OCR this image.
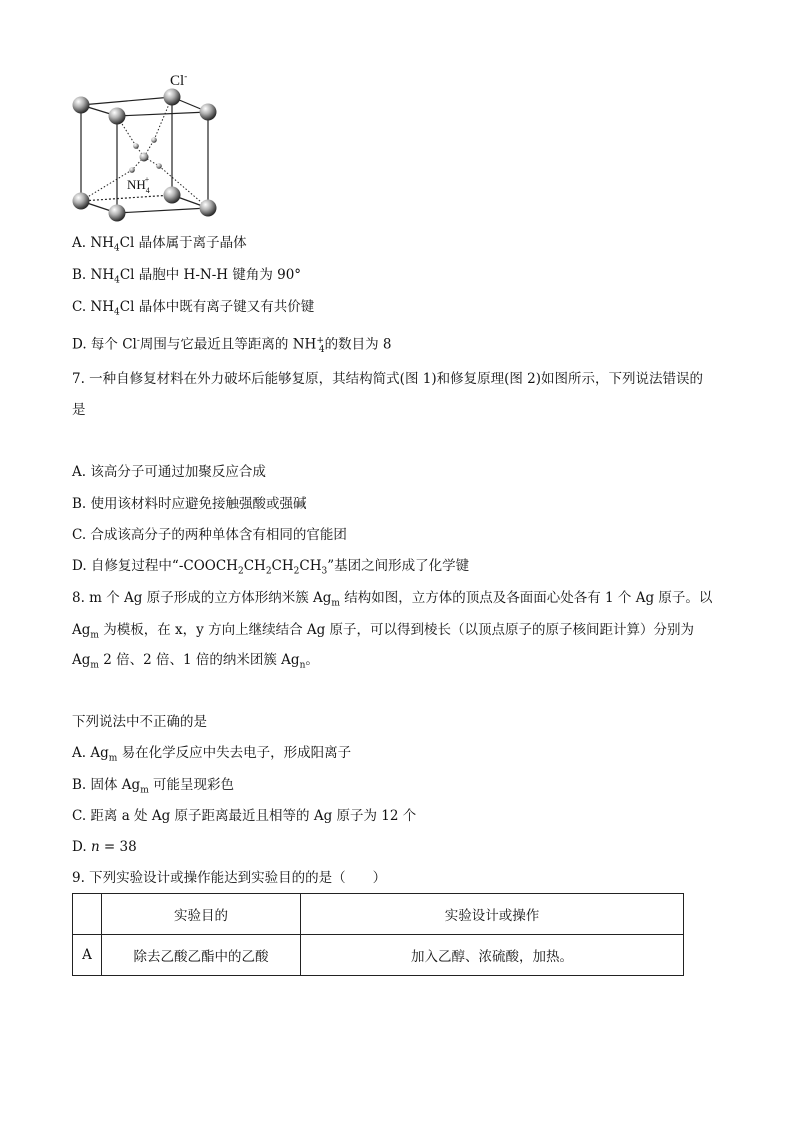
Cl-
$NH_4+$
A. $NH_4Cl$ 晶体属于离子晶体
B. $NH_4Cl$ 晶胞中 H-N-H 键角为 90°
C. $NH_4Cl$ 晶体中既有离子键又有共价键
D. 每个 Cl-周围与它最近且等距离的 $NH^+_4$的数目为 8
7. 一种自修复材料在外力破坏后能够复原，其结构简式(图 1)和修复原理(图 2)如图所示，下列说法错误的
是
A. 该高分子可通过加聚反应合成
B. 使用该材料时应避免接触强酸或强碱
C. 合成该高分子的两种单体含有相同的官能团
D. 自修复过程中“$-COOCH_2CH_2CH_2CH_3$”基团之间形成了化学键
8. m 个 Ag 原子形成的立方体形纳米簇 $Ag_m$ 结构如图，立方体的顶点及各面面心处各有 1 个 Ag 原子。以
$Ag_m$ 为模板，在 x，y 方向上继续结合 Ag 原子，可以得到棱长（以顶点原子的原子核间距计算）分别为
$Ag_m$ 2 倍、2 倍、1 倍的纳米团簇 $Ag_n$。
下列说法中不正确的是
A. $Ag_m$ 易在化学反应中失去电子，形成阳离子
B. 固体 $Ag_m$ 可能呈现彩色
C. 距离 a 处 Ag 原子距离最近且相等的 Ag 原子为 12 个
D. n = 38
9. 下列实验设计或操作能达到实验目的的是（　　）
	实验目的	实验设计或操作
A	除去乙酸乙酯中的乙酸	加入乙醇、浓硫酸，加热。
